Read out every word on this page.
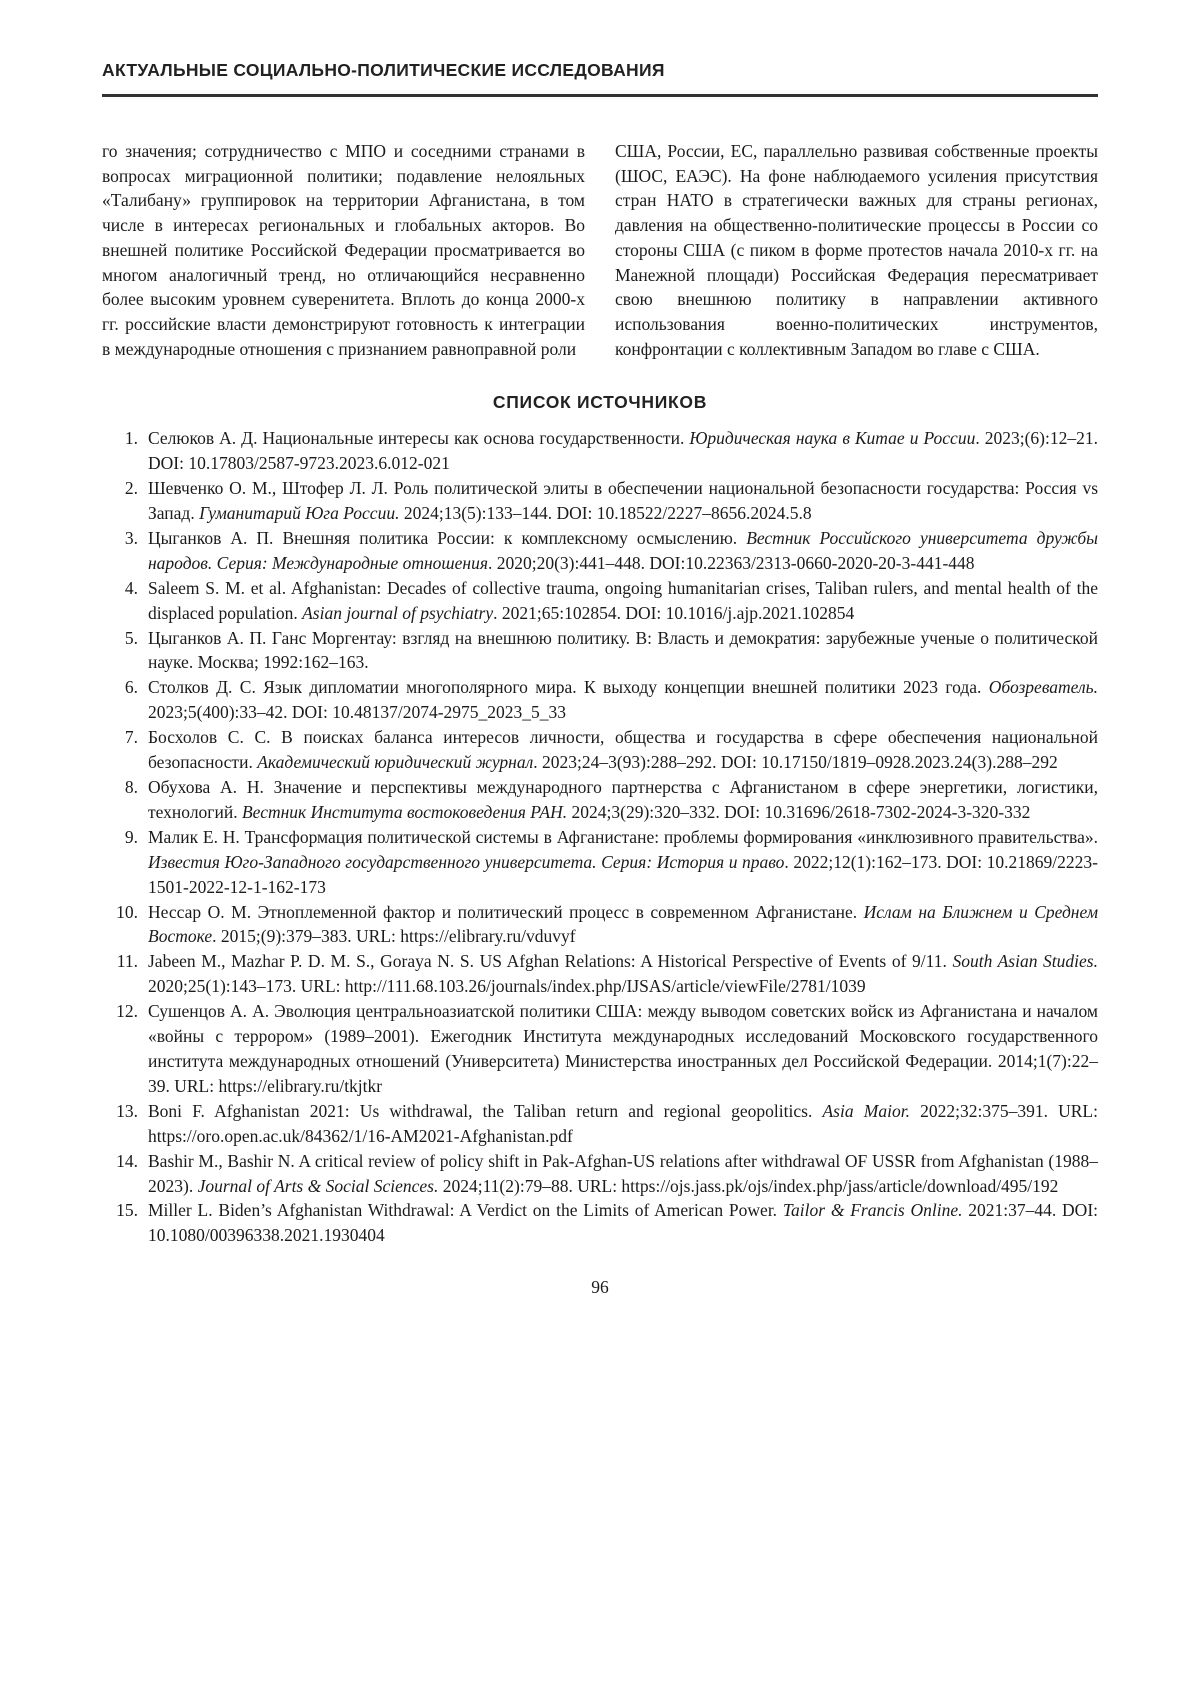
АКТУАЛЬНЫЕ СОЦИАЛЬНО-ПОЛИТИЧЕСКИЕ ИССЛЕДОВАНИЯ

го значения; сотрудничество с МПО и соседними странами в вопросах миграционной политики; подавление нелояльных «Талибану» группировок на территории Афганистана, в том числе в интересах региональных и глобальных акторов. Во внешней политике Российской Федерации просматривается во многом аналогичный тренд, но отличающийся несравненно более высоким уровнем суверенитета. Вплоть до конца 2000-х гг. российские власти демонстрируют готовность к интеграции в международные отношения с признанием равноправной роли

США, России, ЕС, параллельно развивая собственные проекты (ШОС, ЕАЭС). На фоне наблюдаемого усиления присутствия стран НАТО в стратегически важных для страны регионах, давления на общественно-политические процессы в России со стороны США (с пиком в форме протестов начала 2010-х гг. на Манежной площади) Российская Федерация пересматривает свою внешнюю политику в направлении активного использования военно-политических инструментов, конфронтации с коллективным Западом во главе с США.

СПИСОК ИСТОЧНИКОВ
1. Селюков А. Д. Национальные интересы как основа государственности. Юридическая наука в Китае и России. 2023;(6):12–21. DOI: 10.17803/2587-9723.2023.6.012-021
2. Шевченко О. М., Штофер Л. Л. Роль политической элиты в обеспечении национальной безопасности государства: Россия vs Запад. Гуманитарий Юга России. 2024;13(5):133–144. DOI: 10.18522/2227–8656.2024.5.8
3. Цыганков А. П. Внешняя политика России: к комплексному осмыслению. Вестник Российского университета дружбы народов. Серия: Международные отношения. 2020;20(3):441–448. DOI:10.22363/2313-0660-2020-20-3-441-448
4. Saleem S. M. et al. Afghanistan: Decades of collective trauma, ongoing humanitarian crises, Taliban rulers, and mental health of the displaced population. Asian journal of psychiatry. 2021;65:102854. DOI: 10.1016/j.ajp.2021.102854
5. Цыганков А. П. Ганс Моргентау: взгляд на внешнюю политику. В: Власть и демократия: зарубежные ученые о политической науке. Москва; 1992:162–163.
6. Столков Д. С. Язык дипломатии многополярного мира. К выходу концепции внешней политики 2023 года. Обозреватель. 2023;5(400):33–42. DOI: 10.48137/2074-2975_2023_5_33
7. Босхолов С. С. В поисках баланса интересов личности, общества и государства в сфере обеспечения национальной безопасности. Академический юридический журнал. 2023;24–3(93):288–292. DOI: 10.17150/1819–0928.2023.24(3).288–292
8. Обухова А. Н. Значение и перспективы международного партнерства с Афганистаном в сфере энергетики, логистики, технологий. Вестник Института востоковедения РАН. 2024;3(29):320–332. DOI: 10.31696/2618-7302-2024-3-320-332
9. Малик Е. Н. Трансформация политической системы в Афганистане: проблемы формирования «инклюзивного правительства». Известия Юго-Западного государственного университета. Серия: История и право. 2022;12(1):162–173. DOI: 10.21869/2223-1501-2022-12-1-162-173
10. Нессар О. М. Этноплеменной фактор и политический процесс в современном Афганистане. Ислам на Ближнем и Среднем Востоке. 2015;(9):379–383. URL: https://elibrary.ru/vduvyf
11. Jabeen M., Mazhar P. D. M. S., Goraya N. S. US Afghan Relations: A Historical Perspective of Events of 9/11. South Asian Studies. 2020;25(1):143–173. URL: http://111.68.103.26/journals/index.php/IJSAS/article/viewFile/2781/1039
12. Сушенцов А. А. Эволюция центральноазиатской политики США: между выводом советских войск из Афганистана и началом «войны с террором» (1989–2001). Ежегодник Института международных исследований Московского государственного института международных отношений (Университета) Министерства иностранных дел Российской Федерации. 2014;1(7):22–39. URL: https://elibrary.ru/tkjtkr
13. Boni F. Afghanistan 2021: Us withdrawal, the Taliban return and regional geopolitics. Asia Maior. 2022;32:375–391. URL: https://oro.open.ac.uk/84362/1/16-AM2021-Afghanistan.pdf
14. Bashir M., Bashir N. A critical review of policy shift in Pak-Afghan-US relations after withdrawal OF USSR from Afghanistan (1988–2023). Journal of Arts & Social Sciences. 2024;11(2):79–88. URL: https://ojs.jass.pk/ojs/index.php/jass/article/download/495/192
15. Miller L. Biden’s Afghanistan Withdrawal: A Verdict on the Limits of American Power. Tailor & Francis Online. 2021:37–44. DOI: 10.1080/00396338.2021.1930404
96
